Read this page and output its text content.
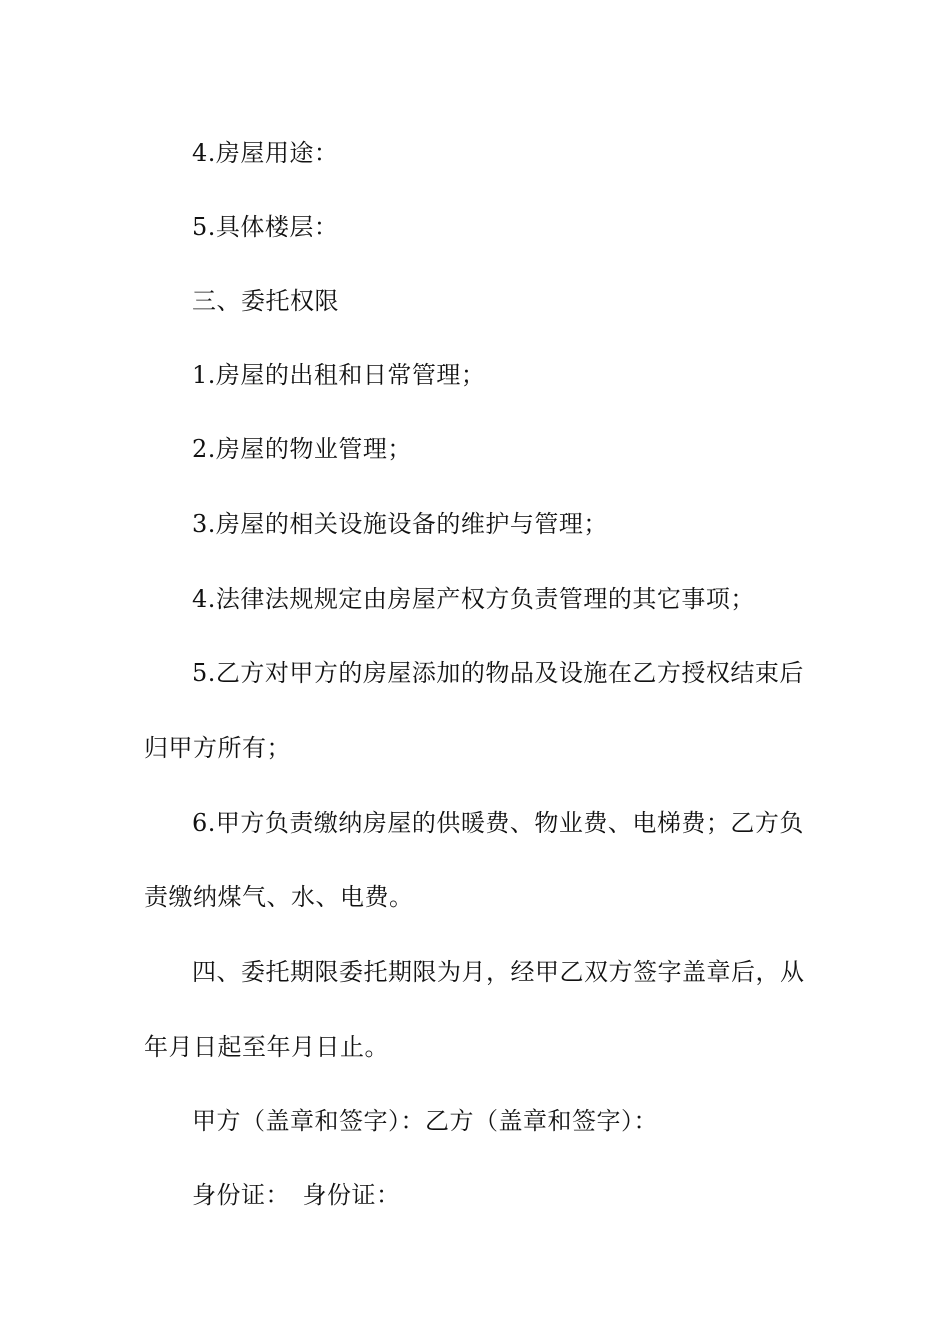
4.房屋用途：

5.具体楼层：

三、委托权限

1.房屋的出租和日常管理；

2.房屋的物业管理；

3.房屋的相关设施设备的维护与管理；

4.法律法规规定由房屋产权方负责管理的其它事项；

5.乙方对甲方的房屋添加的物品及设施在乙方授权结束后

归甲方所有；

6.甲方负责缴纳房屋的供暖费、物业费、电梯费；乙方负

责缴纳煤气、水、电费。

四、委托期限委托期限为月，经甲乙双方签字盖章后，从

年月日起至年月日止。

甲方（盖章和签字）：乙方（盖章和签字）：

身份证：　身份证：
